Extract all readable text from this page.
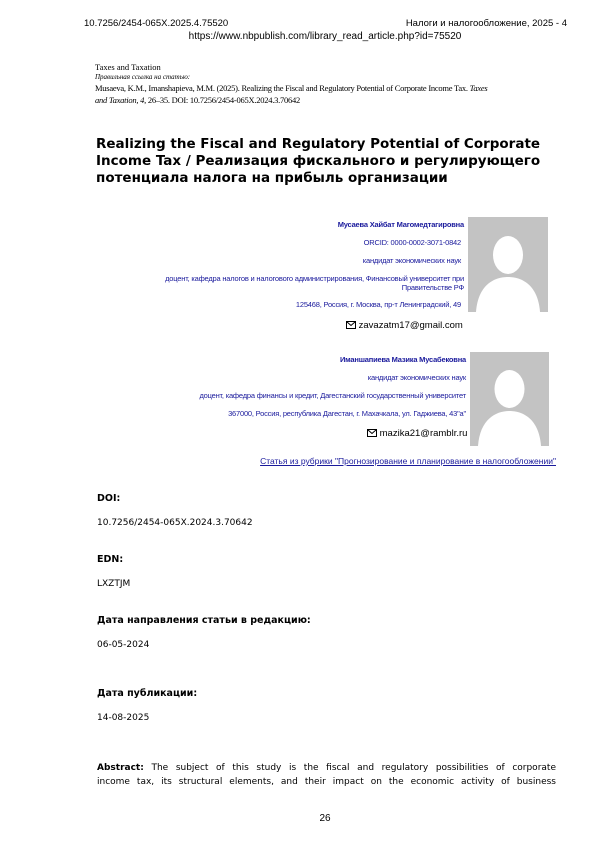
10.7256/2454-065X.2025.4.75520	Налоги и налогообложение, 2025 - 4
https://www.nbpublish.com/library_read_article.php?id=75520
Taxes and Taxation
Правильная ссылка на статью:
Musaeva, K.M., Imanshapieva, M.M. (2025). Realizing the Fiscal and Regulatory Potential of Corporate Income Tax. Taxes
and Taxation, 4, 26–35. DOI: 10.7256/2454-065X.2024.3.70642
Realizing the Fiscal and Regulatory Potential of Corporate
Income Tax / Реализация фискального и регулирующего
потенциала налога на прибыль организации
Мусаева Хайбат Магомедтагировна
ORCID: 0000-0002-3071-0842
кандидат экономических наук
доцент, кафедра налогов и налогового администрирования, Финансовый университет при
Правительстве РФ
125468, Россия, г. Москва, пр-т Ленинградский, 49
zavazatm17@gmail.com
Иманшапиева Мазика Мусабековна
кандидат экономических наук
доцент, кафедра финансы и кредит, Дагестанский государственный университет
367000, Россия, республика Дагестан, г. Махачкала, ул. Гаджиева, 43"а"
mazika21@ramblr.ru
Статья из рубрики "Прогнозирование и планирование в налогообложении"
DOI:
10.7256/2454-065X.2024.3.70642
EDN:
LXZTJM
Дата направления статьи в редакцию:
06-05-2024
Дата публикации:
14-08-2025
Abstract: The subject of this study is the fiscal and regulatory possibilities of corporate
income tax, its structural elements, and their impact on the economic activity of business
26
